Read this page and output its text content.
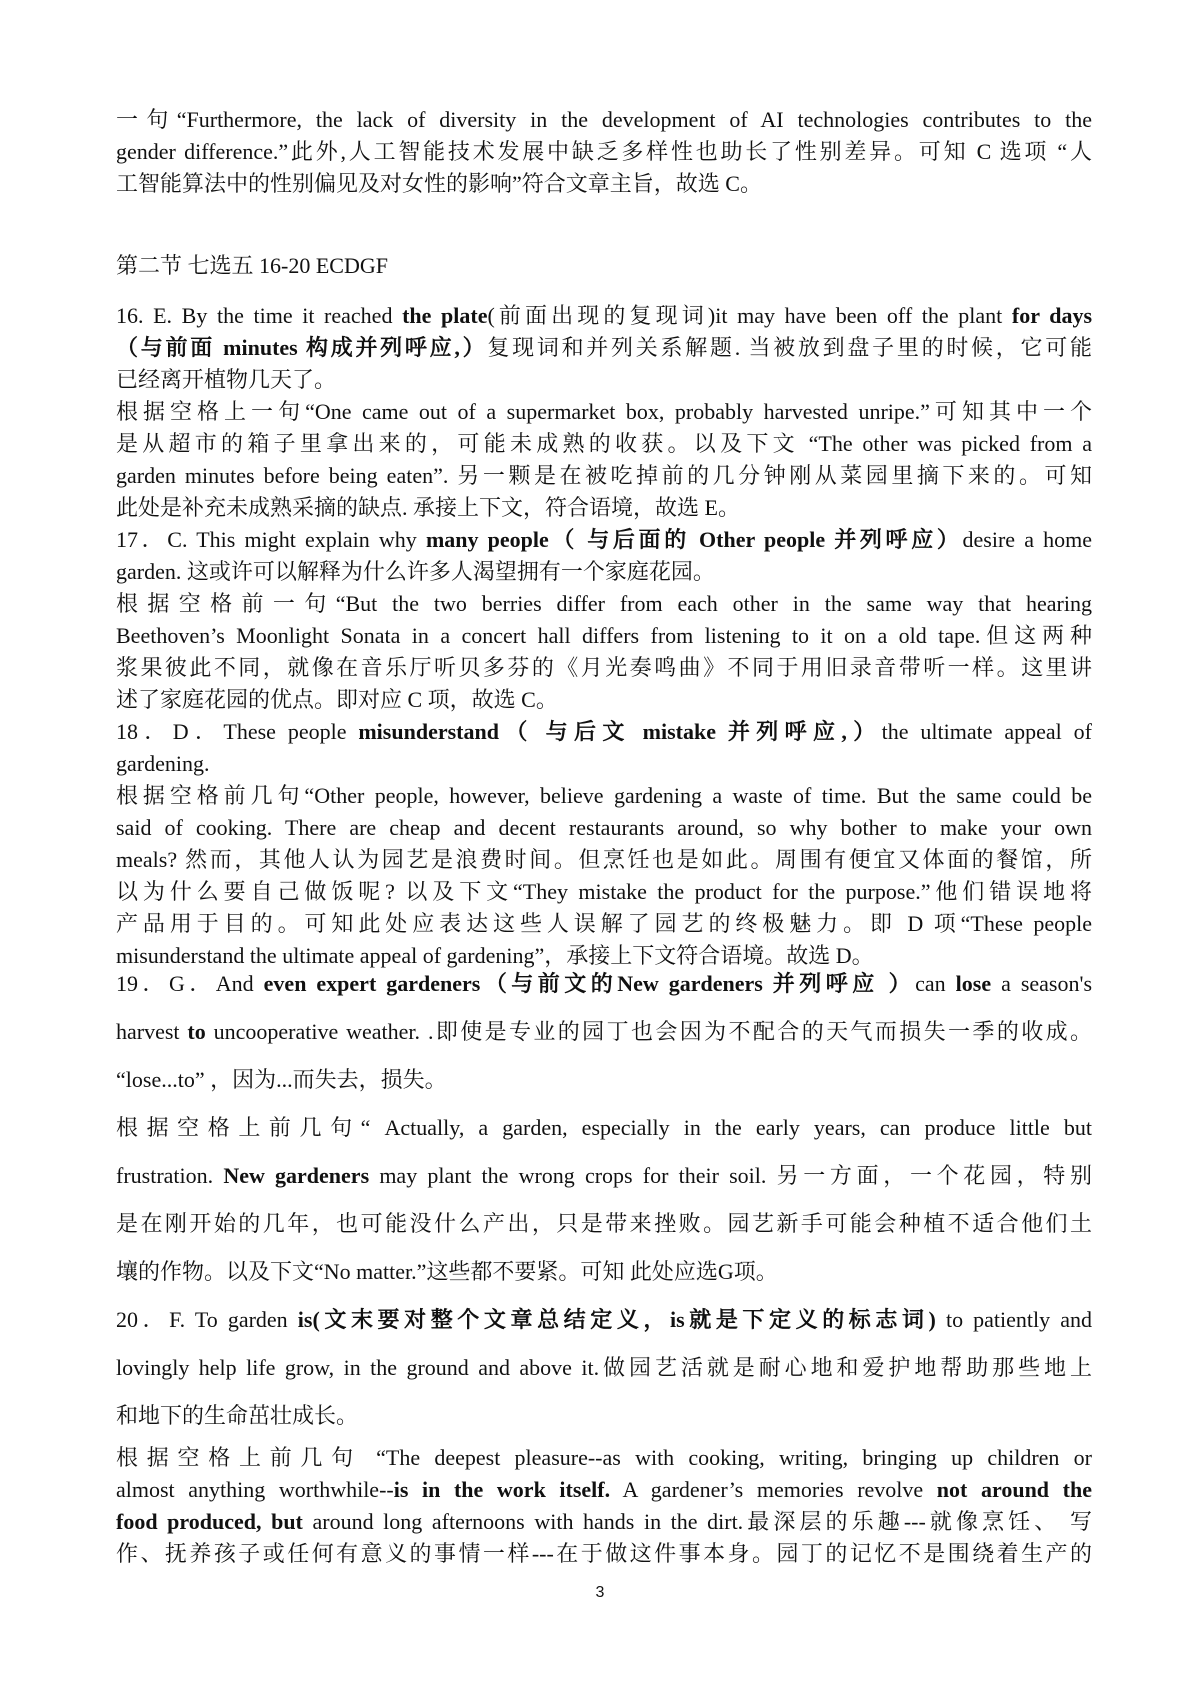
一句“Furthermore, the lack of diversity in the development of AI technologies contributes to the
gender difference.”此外,人工智能技术发展中缺乏多样性也助长了性别差异。可知 C 选项 “人
工智能算法中的性别偏见及对女性的影响”符合文章主旨，故选 C。
第二节 七选五 16-20 ECDGF
16. E. By the time it reached the plate(前面出现的复现词)it may have been off the plant for days
（与前面 minutes 构成并列呼应,）复现词和并列关系解题. 当被放到盘子里的时候，它可能
已经离开植物几天了。
根据空格上一句“One came out of a supermarket box, probably harvested unripe.”可知其中一个
是从超市的箱子里拿出来的，可能未成熟的收获。以及下文 “The other was picked from a
garden minutes before being eaten”. 另一颗是在被吃掉前的几分钟刚从菜园里摘下来的。可知
此处是补充未成熟采摘的缺点. 承接上下文，符合语境，故选 E。
17．C. This might explain why many people（ 与后面的 Other people 并列呼应）desire a home
garden. 这或许可以解释为什么许多人渴望拥有一个家庭花园。
根据空格前一句“But the two berries differ from each other in the same way that hearing
Beethoven’s Moonlight Sonata in a concert hall differs from listening to it on a old tape.但这两种
浆果彼此不同，就像在音乐厅听贝多芬的《月光奏鸣曲》不同于用旧录音带听一样。这里讲
述了家庭花园的优点。即对应 C 项，故选 C。
18．D．These people misunderstand（ 与后文 mistake 并列呼应,）the ultimate appeal of
gardening.
根据空格前几句“Other people, however, believe gardening a waste of time. But the same could be
said of cooking. There are cheap and decent restaurants around, so why bother to make your own
meals? 然而，其他人认为园艺是浪费时间。但烹饪也是如此。周围有便宜又体面的餐馆，所
以为什么要自己做饭呢? 以及下文“They mistake the product for the purpose.”他们错误地将
产品用于目的。可知此处应表达这些人误解了园艺的终极魅力。即 D 项“These people
misunderstand the ultimate appeal of gardening”，承接上下文符合语境。故选 D。
19．G．And even expert gardeners（与前文的New gardeners 并列呼应 ）can lose a season's
harvest to uncooperative weather. .即使是专业的园丁也会因为不配合的天气而损失一季的收成。
“lose...to” ，因为...而失去，损失。
根据空格上前几句“ Actually, a garden, especially in the early years, can produce little but
frustration. New gardeners may plant the wrong crops for their soil. 另一方面，一个花园，特别
是在刚开始的几年，也可能没什么产出，只是带来挫败。园艺新手可能会种植不适合他们土
壤的作物。以及下文“No matter.”这些都不要紧。可知 此处应选G项。
20．F. To garden is(文末要对整个文章总结定义，is就是下定义的标志词) to patiently and
lovingly help life grow, in the ground and above it.做园艺活就是耐心地和爱护地帮助那些地上
和地下的生命茁壮成长。
根据空格上前几句 “The deepest pleasure--as with cooking, writing, bringing up children or
almost anything worthwhile--is in the work itself. A gardener’s memories revolve not around the
food produced, but around long afternoons with hands in the dirt.最深层的乐趣---就像烹饪、 写
作、抚养孩子或任何有意义的事情一样---在于做这件事本身。园丁的记忆不是围绕着生产的
3
